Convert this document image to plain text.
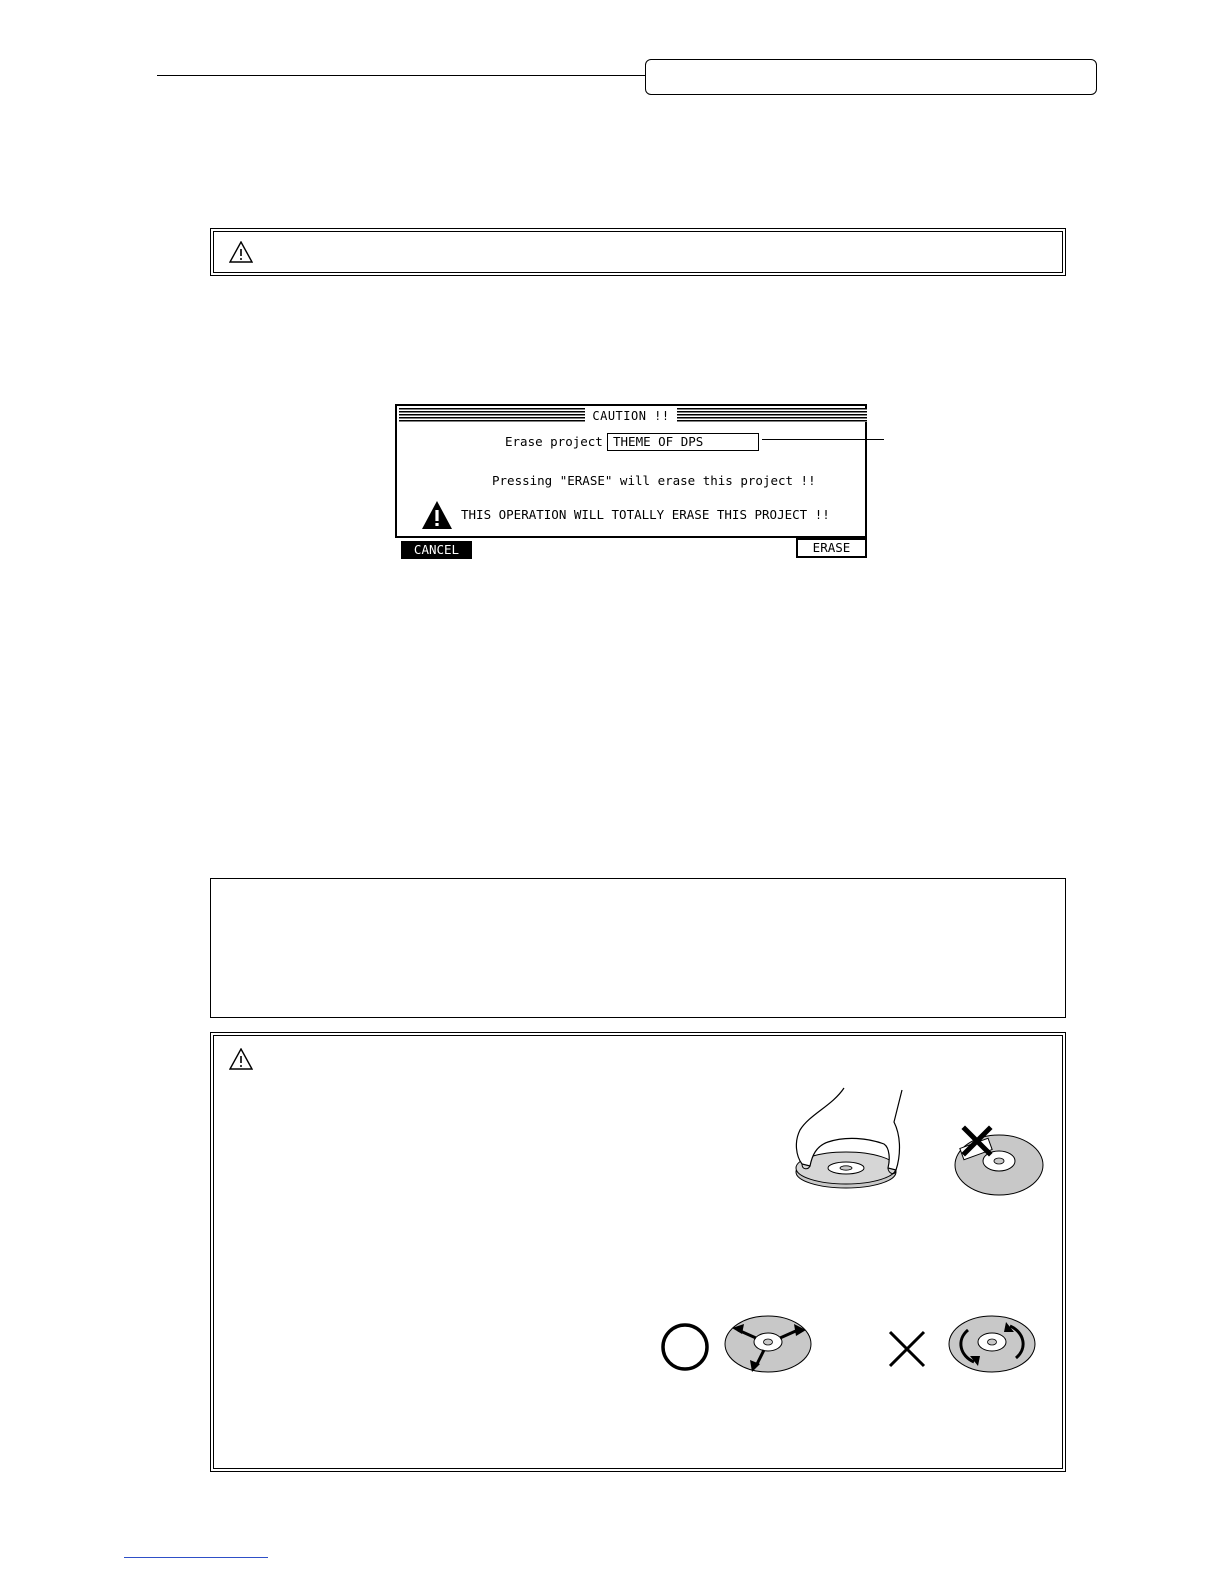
CAUTION !!
Erase project THEME OF DPS
Pressing "ERASE" will erase this project !!
THIS OPERATION WILL TOTALLY ERASE THIS PROJECT !!
CANCEL	ERASE
